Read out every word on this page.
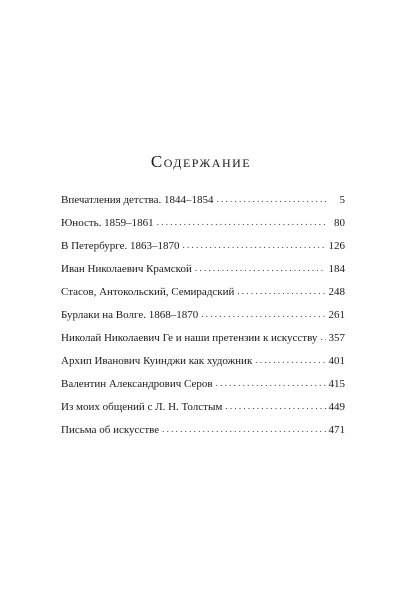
Содержание
Впечатления детства. 1844–1854 . . .	5
Юность. 1859–1861 . . .	80
В Петербурге. 1863–1870 . . .	126
Иван Николаевич Крамской . . .	184
Стасов, Антокольский, Семирадский . . .	248
Бурлаки на Волге. 1868–1870 . . .	261
Николай Николаевич Ге и наши претензии к искусству . . . 357
Архип Иванович Куинджи как художник . . .	401
Валентин Александрович Серов . . .	415
Из моих общений с Л. Н. Толстым . . .	449
Письма об искусстве . . .	471
